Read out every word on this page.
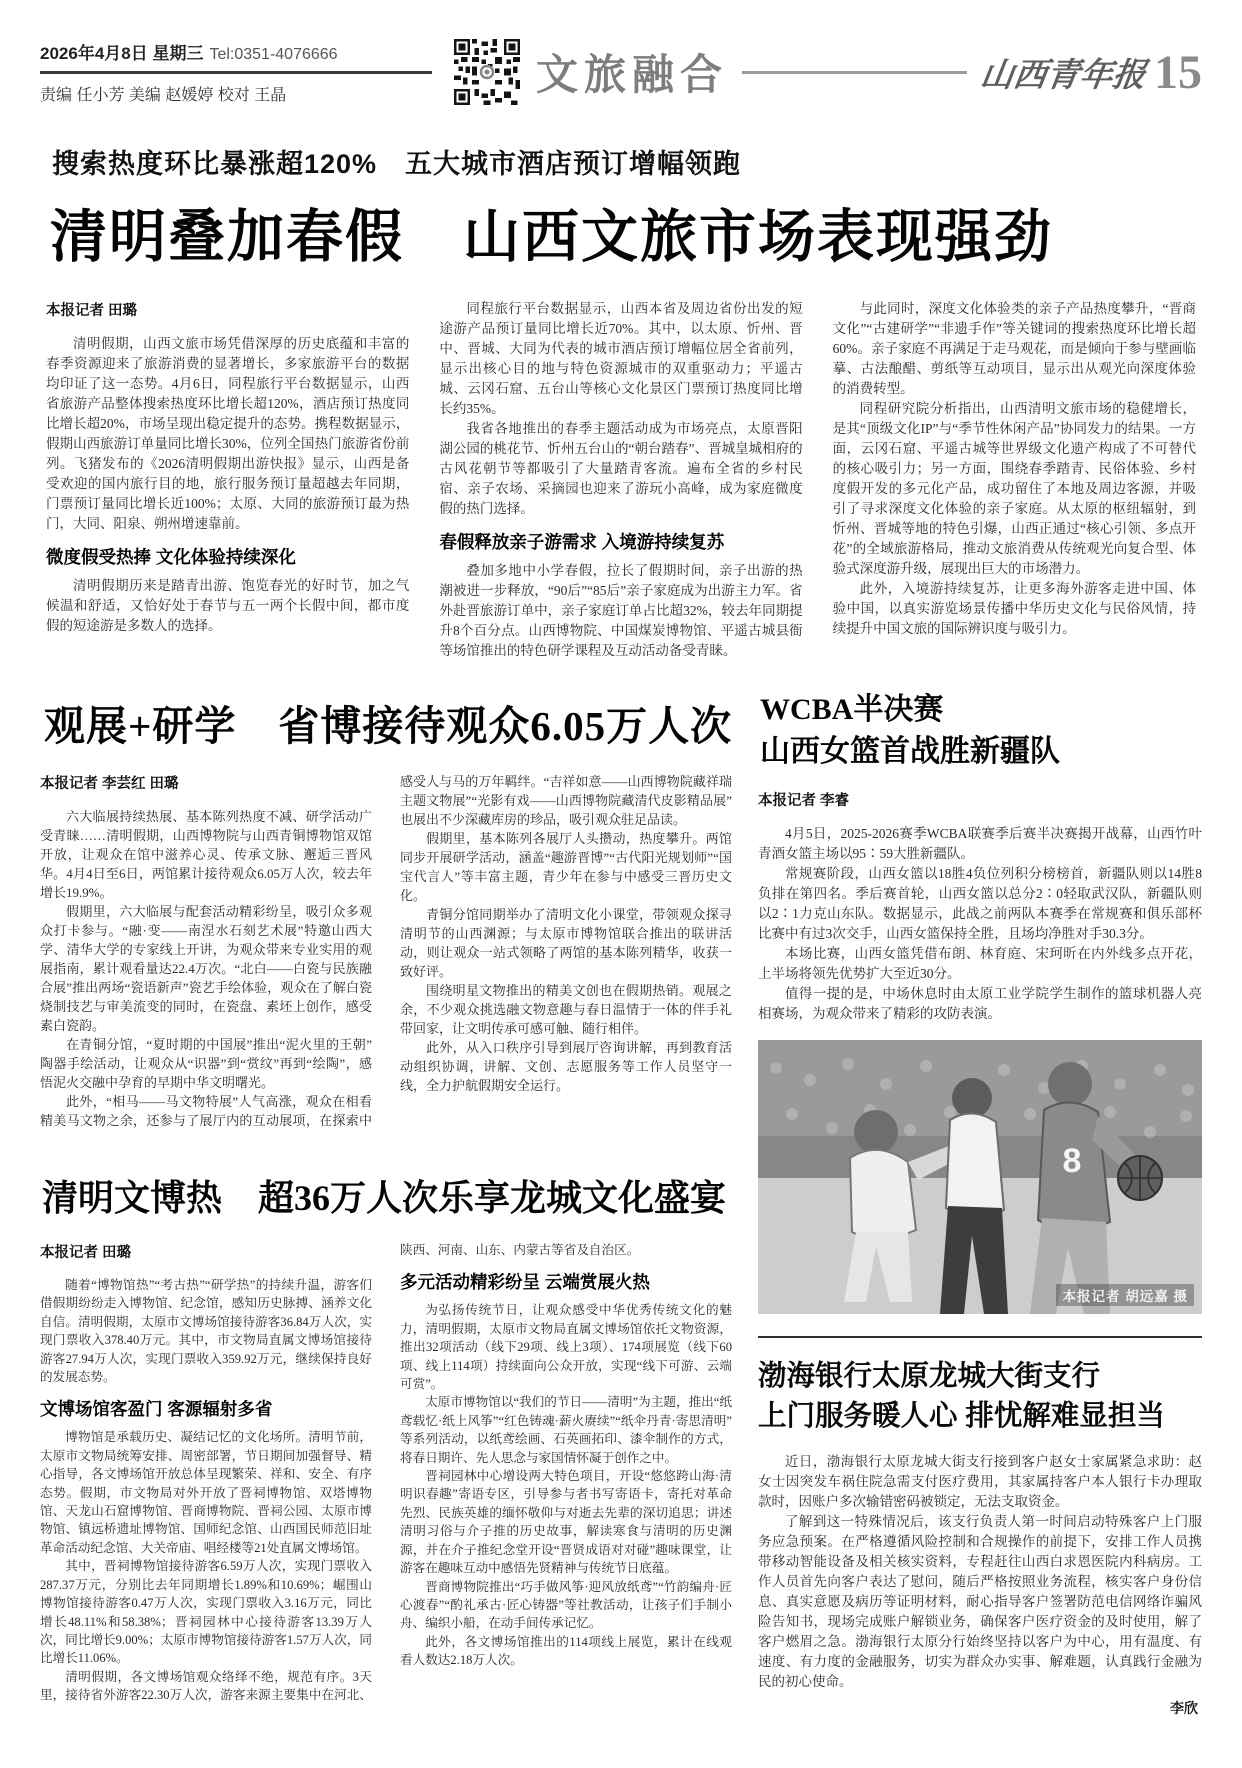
2026年4月8日 星期三 Tel:0351-4076666
责编 任小芳 美编 赵媛婷 校对 王晶	文旅融合	山西青年报 15
搜索热度环比暴涨超120%　五大城市酒店预订增幅领跑
清明叠加春假　山西文旅市场表现强劲
本报记者 田璐

清明假期，山西文旅市场凭借深厚的历史底蕴和丰富的春季资源迎来了旅游消费的显著增长，多家旅游平台的数据均印证了这一态势。4月6日，同程旅行平台数据显示，山西省旅游产品整体搜索热度环比增长超120%，酒店预订热度同比增长超20%，市场呈现出稳定提升的态势。携程数据显示，假期山西旅游订单量同比增长30%，位列全国热门旅游省份前列。飞猪发布的《2026清明假期出游快报》显示，山西是备受欢迎的国内旅行目的地，旅行服务预订量超越去年同期，门票预订量同比增长近100%；太原、大同的旅游预订最为热门，大同、阳泉、朔州增速靠前。

微度假受热捧 文化体验持续深化

清明假期历来是踏青出游、饱览春光的好时节，加之气候温和舒适，又恰好处于春节与五一两个长假中间，都市度假的短途游是多数人的选择。

同程旅行平台数据显示，山西本省及周边省份出发的短途游产品预订量同比增长近70%。其中，以太原、忻州、晋中、晋城、大同为代表的城市酒店预订增幅位居全省前列，显示出核心目的地与特色资源城市的双重驱动力；平遥古城、云冈石窟、五台山等核心文化景区门票预订热度同比增长约35%。

我省各地推出的春季主题活动成为市场亮点，太原晋阳湖公园的桃花节、忻州五台山的“朝台踏春”、晋城皇城相府的古风花朝节等都吸引了大量踏青客流。遍布全省的乡村民宿、亲子农场、采摘园也迎来了游玩小高峰，成为家庭微度假的热门选择。

春假释放亲子游需求 入境游持续复苏

叠加多地中小学春假，拉长了假期时间，亲子出游的热潮被进一步释放，“90后”“85后”亲子家庭成为出游主力军。省外赴晋旅游订单中，亲子家庭订单占比超32%，较去年同期提升8个百分点。山西博物院、中国煤炭博物馆、平遥古城县衙等场馆推出的特色研学课程及互动活动备受青睐。

与此同时，深度文化体验类的亲子产品热度攀升，“晋商文化”“古建研学”“非遗手作”等关键词的搜索热度环比增长超60%。亲子家庭不再满足于走马观花，而是倾向于参与壁画临摹、古法酿醋、剪纸等互动项目，显示出从观光向深度体验的消费转型。

同程研究院分析指出，山西清明文旅市场的稳健增长，是其“顶级文化IP”与“季节性休闲产品”协同发力的结果。一方面，云冈石窟、平遥古城等世界级文化遗产构成了不可替代的核心吸引力；另一方面，围绕春季踏青、民俗体验、乡村度假开发的多元化产品，成功留住了本地及周边客源，并吸引了寻求深度文化体验的亲子家庭。从太原的枢纽辐射，到忻州、晋城等地的特色引爆，山西正通过“核心引领、多点开花”的全域旅游格局，推动文旅消费从传统观光向复合型、体验式深度游升级，展现出巨大的市场潜力。

此外，入境游持续复苏，让更多海外游客走进中国、体验中国，以真实游览场景传播中华历史文化与民俗风情，持续提升中国文旅的国际辨识度与吸引力。

观展+研学　省博接待观众6.05万人次
本报记者 李芸红 田璐

六大临展持续热展、基本陈列热度不减、研学活动广受青睐……清明假期，山西博物院与山西青铜博物馆双馆开放，让观众在馆中滋养心灵、传承文脉、邂逅三晋风华。4月4日至6日，两馆累计接待观众6.05万人次，较去年增长19.9%。

假期里，六大临展与配套活动精彩纷呈，吸引众多观众打卡参与。“融·变——南涅水石刻艺术展”特邀山西大学、清华大学的专家线上开讲，为观众带来专业实用的观展指南，累计观看量达22.4万次。“北白——白瓷与民族融合展”推出两场“瓷语新声”瓷艺手绘体验，观众在了解白瓷烧制技艺与审美流变的同时，在瓷盘、素坯上创作，感受素白瓷韵。

在青铜分馆，“夏时期的中国展”推出“泥火里的王朝”陶器手绘活动，让观众从“识器”到“赏纹”再到“绘陶”，感悟泥火交融中孕育的早期中华文明曙光。

此外，“相马——马文物特展”人气高涨，观众在相看精美马文物之余，还参与了展厅内的互动展项，在探索中感受人与马的万年羁绊。“吉祥如意——山西博物院藏祥瑞主题文物展”“光影有戏——山西博物院藏清代皮影精品展”也展出不少深藏库房的珍品，吸引观众驻足品读。

假期里，基本陈列各展厅人头攒动，热度攀升。两馆同步开展研学活动，涵盖“趣游晋博”“古代阳光规划师”“国宝代言人”等丰富主题，青少年在参与中感受三晋历史文化。

青铜分馆同期举办了清明文化小课堂，带领观众探寻清明节的山西渊源；与太原市博物馆联合推出的联讲活动，则让观众一站式领略了两馆的基本陈列精华，收获一致好评。

围绕明星文物推出的精美文创也在假期热销。观展之余，不少观众挑选融文物意趣与春日温情于一体的伴手礼带回家，让文明传承可感可触、随行相伴。

此外，从入口秩序引导到展厅咨询讲解，再到教育活动组织协调，讲解、文创、志愿服务等工作人员坚守一线，全力护航假期安全运行。

清明文博热　超36万人次乐享龙城文化盛宴
本报记者 田璐

随着“博物馆热”“考古热”“研学热”的持续升温，游客们借假期纷纷走入博物馆、纪念馆，感知历史脉搏、涵养文化自信。清明假期，太原市文博场馆接待游客36.84万人次，实现门票收入378.40万元。其中，市文物局直属文博场馆接待游客27.94万人次，实现门票收入359.92万元，继续保持良好的发展态势。

文博场馆客盈门 客源辐射多省

博物馆是承载历史、凝结记忆的文化场所。清明节前，太原市文物局统筹安排、周密部署，节日期间加强督导、精心指导，各文博场馆开放总体呈现繁荣、祥和、安全、有序态势。假期，市文物局对外开放了晋祠博物馆、双塔博物馆、天龙山石窟博物馆、晋商博物院、晋祠公园、太原市博物馆、镇远桥遗址博物馆、国师纪念馆、山西国民师范旧址革命活动纪念馆、大关帝庙、唱经楼等21处直属文博场馆。

其中，晋祠博物馆接待游客6.59万人次，实现门票收入287.37万元，分别比去年同期增长1.89%和10.69%；崛围山博物馆接待游客0.47万人次，实现门票收入3.16万元，同比增长48.11%和58.38%；晋祠园林中心接待游客13.39万人次，同比增长9.00%；太原市博物馆接待游客1.57万人次，同比增长11.06%。

清明假期，各文博场馆观众络绎不绝，规范有序。3天里，接待省外游客22.30万人次，游客来源主要集中在河北、陕西、河南、山东、内蒙古等省及自治区。

多元活动精彩纷呈 云端赏展火热

为弘扬传统节日，让观众感受中华优秀传统文化的魅力，清明假期，太原市文物局直属文博场馆依托文物资源，推出32项活动（线下29项、线上3项）、174项展览（线下60项、线上114项）持续面向公众开放，实现“线下可游、云端可赏”。

太原市博物馆以“我们的节日——清明”为主题，推出“纸鸢载忆·纸上风筝”“红色铸魂·薪火赓续”“纸伞丹青·寄思清明”等系列活动，以纸鸢绘画、石英画拓印、漆伞制作的方式，将春日期许、先人思念与家国情怀凝于创作之中。

晋祠园林中心增设两大特色项目，开设“悠悠跨山海·清明识春趣”寄语专区，引导参与者书写寄语卡，寄托对革命先烈、民族英雄的缅怀敬仰与对逝去先辈的深切追思；讲述清明习俗与介子推的历史故事，解读寒食与清明的历史渊源，并在介子推纪念堂开设“晋贤成语对对碰”趣味课堂，让游客在趣味互动中感悟先贤精神与传统节日底蕴。

晋商博物院推出“巧手做风筝·迎风放纸鸢”“竹韵编舟·匠心渡春”“酌礼承古·匠心铸器”等社教活动，让孩子们手制小舟、编织小船，在动手间传承记忆。

此外，各文博场馆推出的114项线上展览，累计在线观看人数达2.18万人次。

WCBA半决赛
山西女篮首战胜新疆队
本报记者 李睿

4月5日，2025-2026赛季WCBA联赛季后赛半决赛揭开战幕，山西竹叶青酒女篮主场以95∶59大胜新疆队。

常规赛阶段，山西女篮以18胜4负位列积分榜榜首，新疆队则以14胜8负排在第四名。季后赛首轮，山西女篮以总分2∶0轻取武汉队，新疆队则以2∶1力克山东队。数据显示，此战之前两队本赛季在常规赛和俱乐部杯比赛中有过3次交手，山西女篮保持全胜，且场均净胜对手30.3分。

本场比赛，山西女篮凭借布朗、林育庭、宋珂昕在内外线多点开花，上半场将领先优势扩大至近30分。

值得一提的是，中场休息时由太原工业学院学生制作的篮球机器人亮相赛场，为观众带来了精彩的攻防表演。

8
本报记者 胡远嘉 摄
渤海银行太原龙城大街支行
上门服务暖人心 排忧解难显担当

近日，渤海银行太原龙城大街支行接到客户赵女士家属紧急求助：赵女士因突发车祸住院急需支付医疗费用，其家属持客户本人银行卡办理取款时，因账户多次输错密码被锁定，无法支取资金。

了解到这一特殊情况后，该支行负责人第一时间启动特殊客户上门服务应急预案。在严格遵循风险控制和合规操作的前提下，安排工作人员携带移动智能设备及相关核实资料，专程赶往山西白求恩医院内科病房。工作人员首先向客户表达了慰问，随后严格按照业务流程，核实客户身份信息、真实意愿及病历等证明材料，耐心指导客户签署防范电信网络诈骗风险告知书，现场完成账户解锁业务，确保客户医疗资金的及时使用，解了客户燃眉之急。渤海银行太原分行始终坚持以客户为中心，用有温度、有速度、有力度的金融服务，切实为群众办实事、解难题，认真践行金融为民的初心使命。

李欣
